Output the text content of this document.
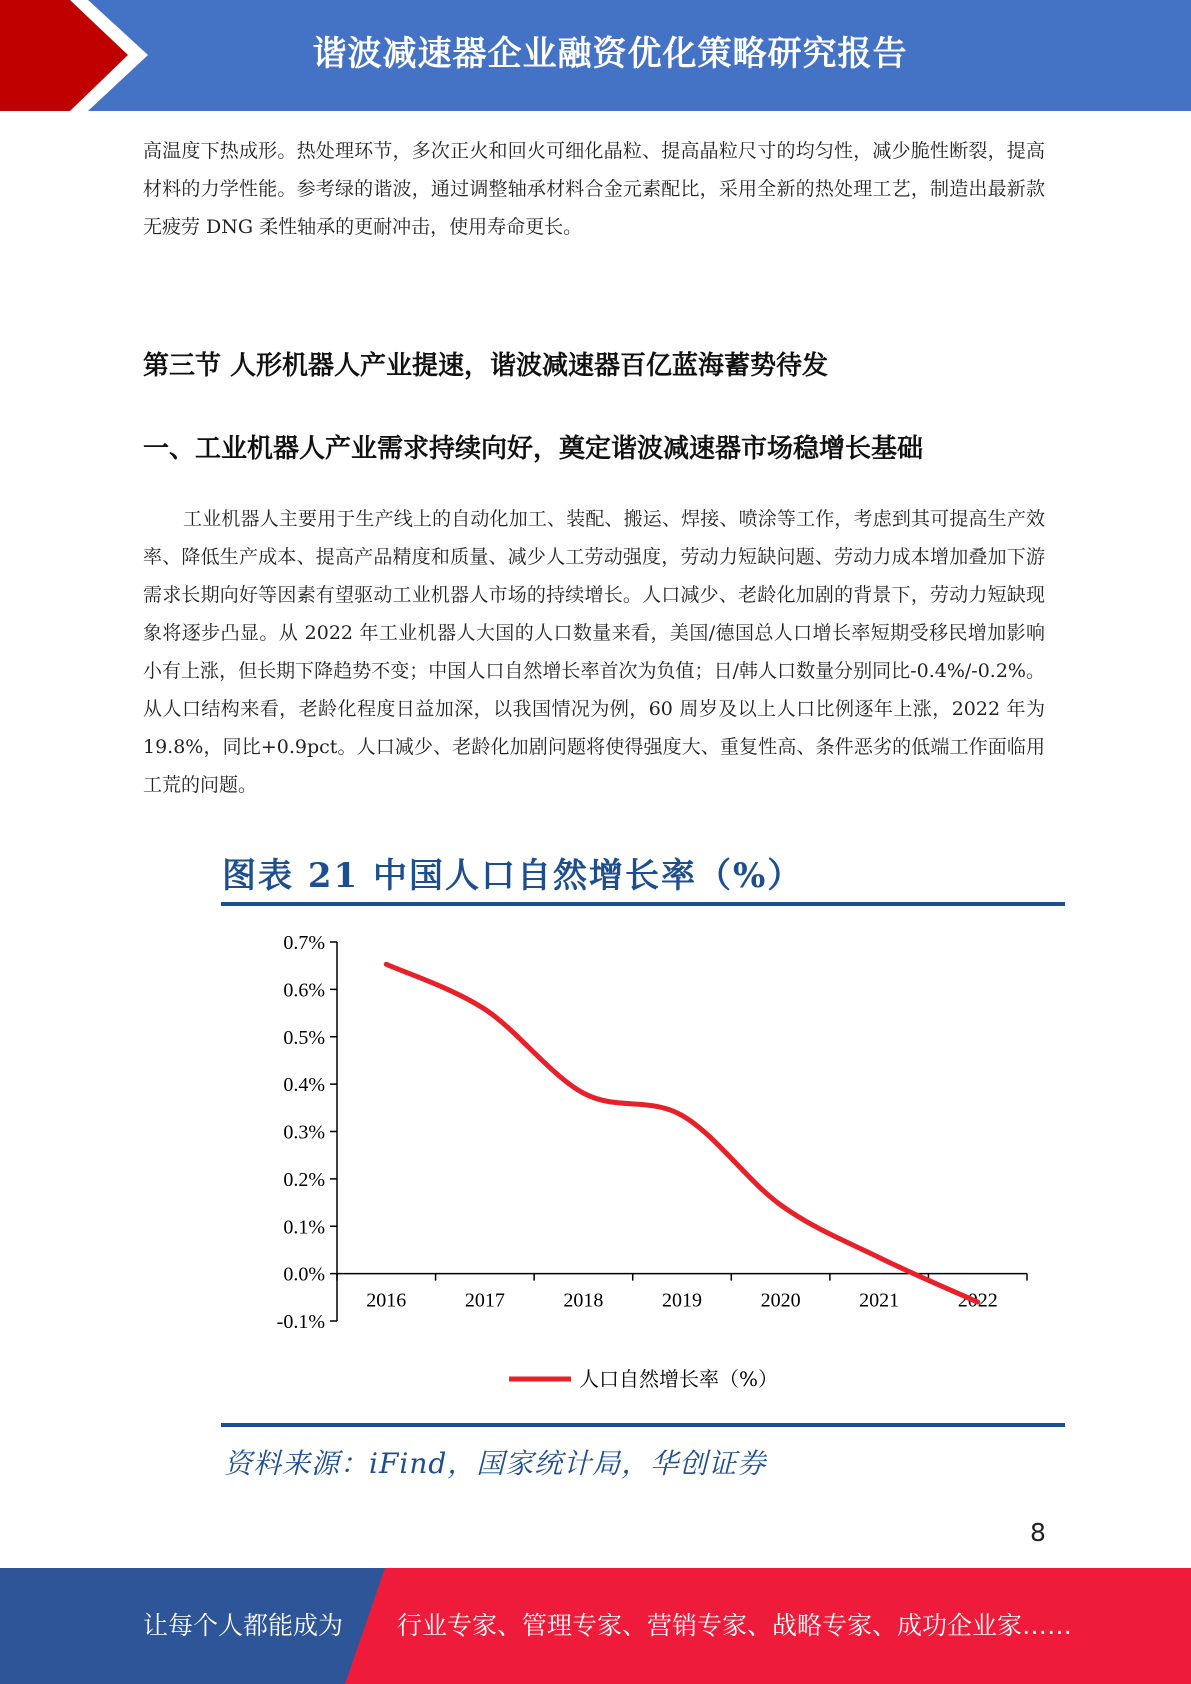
谐波减速器企业融资优化策略研究报告

高温度下热成形。热处理环节，多次正火和回火可细化晶粒、提高晶粒尺寸的均匀性，减少脆性断裂，提高材料的力学性能。参考绿的谐波，通过调整轴承材料合金元素配比，采用全新的热处理工艺，制造出最新款无疲劳 DNG 柔性轴承的更耐冲击，使用寿命更长。

第三节 人形机器人产业提速，谐波减速器百亿蓝海蓄势待发
一、工业机器人产业需求持续向好，奠定谐波减速器市场稳增长基础

工业机器人主要用于生产线上的自动化加工、装配、搬运、焊接、喷涂等工作，考虑到其可提高生产效率、降低生产成本、提高产品精度和质量、减少人工劳动强度，劳动力短缺问题、劳动力成本增加叠加下游需求长期向好等因素有望驱动工业机器人市场的持续增长。人口减少、老龄化加剧的背景下，劳动力短缺现象将逐步凸显。从 2022 年工业机器人大国的人口数量来看，美国/德国总人口增长率短期受移民增加影响小有上涨，但长期下降趋势不变；中国人口自然增长率首次为负值；日/韩人口数量分别同比-0.4%/-0.2%。从人口结构来看，老龄化程度日益加深，以我国情况为例，60 周岁及以上人口比例逐年上涨，2022 年为 19.8%，同比+0.9pct。人口减少、老龄化加剧问题将使得强度大、重复性高、条件恶劣的低端工作面临用工荒的问题。

图表 21 中国人口自然增长率（%）
-0.1%
0.0%
0.1%
0.2%
0.3%
0.4%
0.5%
0.6%
0.7%
2016	2017	2018	2019	2020	2021	2022
人口自然增长率（%）
资料来源：iFind，国家统计局，华创证券
8
让每个人都能成为 行业专家、管理专家、营销专家、战略专家、成功企业家……
